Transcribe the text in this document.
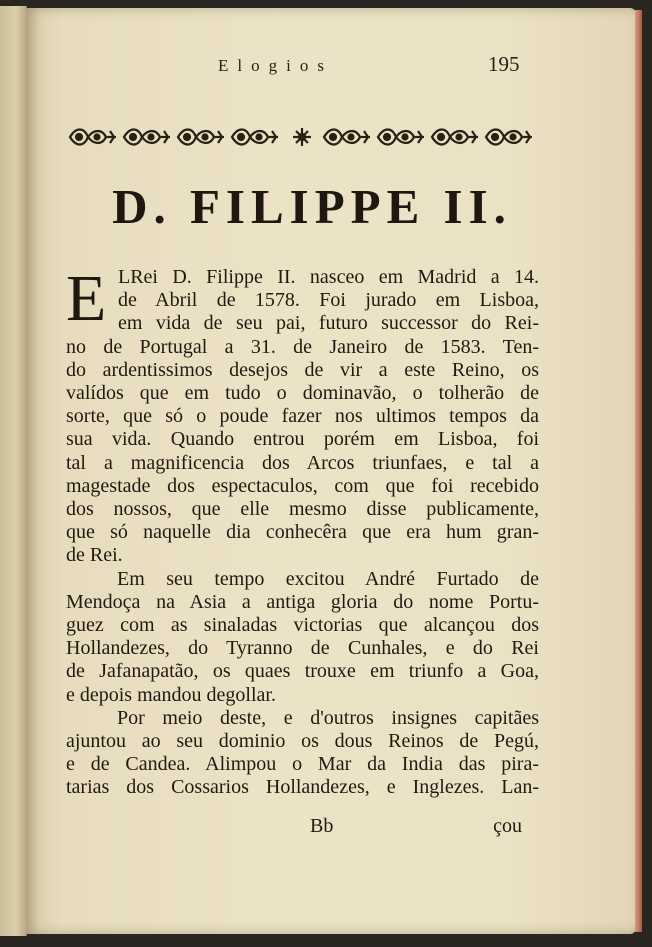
Elogios	195
D. FILIPPE II.
E LRei D. Filippe II. nasceo em Madrid a 14.
de Abril de 1578. Foi jurado em Lisboa,
em vida de seu pai, futuro successor do Rei-
no de Portugal a 31. de Janeiro de 1583. Ten-
do ardentissimos desejos de vir a este Reino, os
valídos que em tudo o dominavão, o tolherão de
sorte, que só o poude fazer nos ultimos tempos da
sua vida. Quando entrou porém em Lisboa, foi
tal a magnificencia dos Arcos triunfaes, e tal a
magestade dos espectaculos, com que foi recebido
dos nossos, que elle mesmo disse publicamente,
que só naquelle dia conhecêra que era hum gran-
de Rei.
Em seu tempo excitou André Furtado de
Mendoça na Asia a antiga gloria do nome Portu-
guez com as sinaladas victorias que alcançou dos
Hollandezes, do Tyranno de Cunhales, e do Rei
de Jafanapatão, os quaes trouxe em triunfo a Goa,
e depois mandou degollar.
Por meio deste, e d'outros insignes capitães
ajuntou ao seu dominio os dous Reinos de Pegú,
e de Candea. Alimpou o Mar da India das pira-
tarias dos Cossarios Hollandezes, e Inglezes. Lan-
Bb	çou
